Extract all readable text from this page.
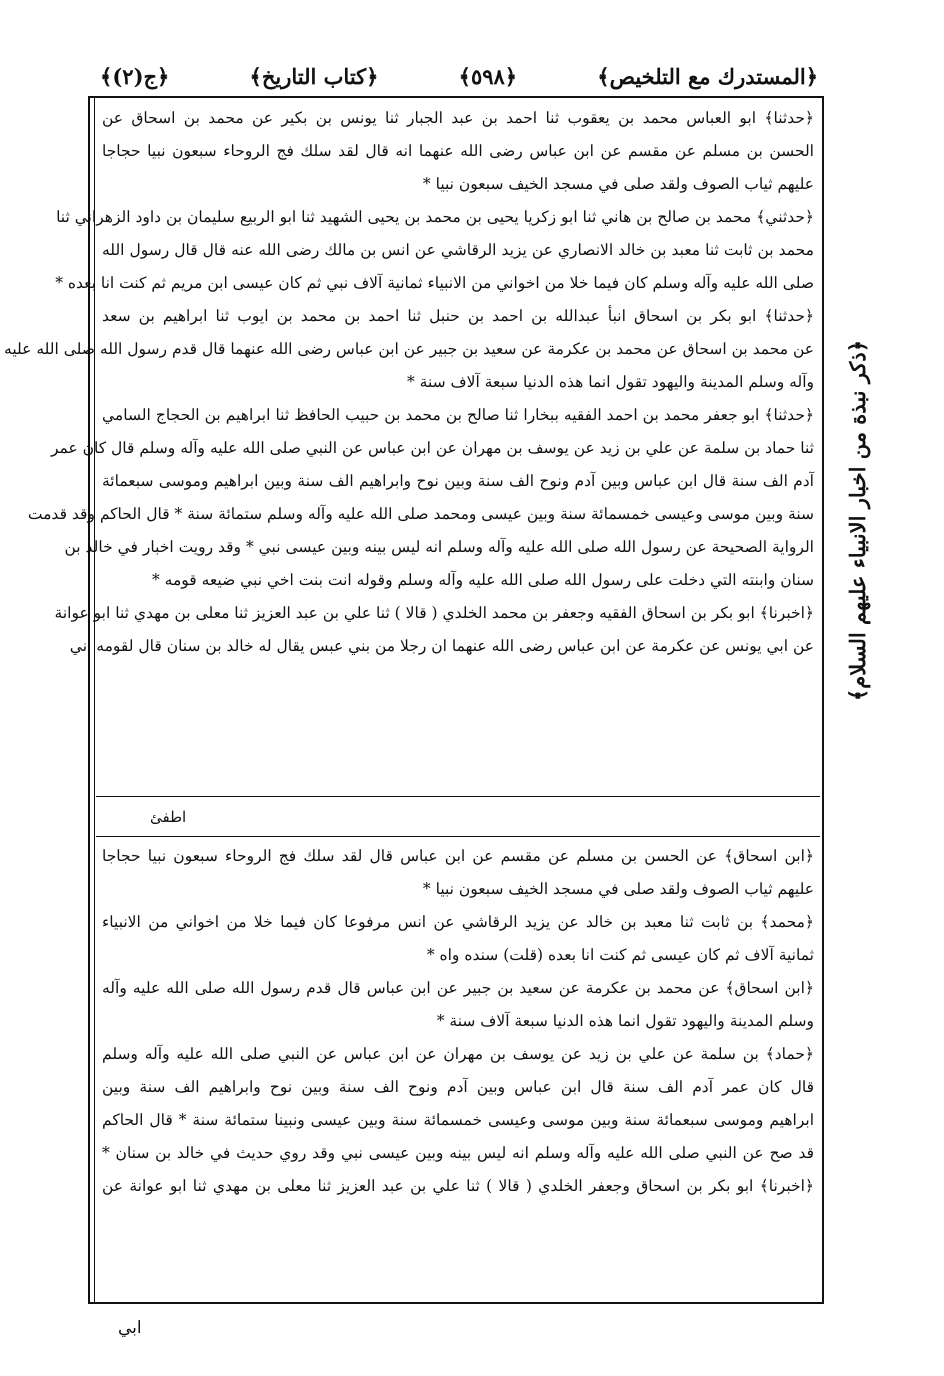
﴿المستدرك مع التلخيص﴾
﴿٥٩٨﴾
﴿كتاب التاريخ﴾
﴿ج(٢)﴾
﴿حدثنا﴾ ابو العباس محمد بن يعقوب ثنا احمد بن عبد الجبار ثنا يونس بن بكير عن محمد بن اسحاق عن
الحسن بن مسلم عن مقسم عن ابن عباس رضى الله عنهما انه قال لقد سلك فج الروحاء سبعون نبيا حجاجا
عليهم ثياب الصوف ولقد صلى في مسجد الخيف سبعون نبيا *
﴿حدثني﴾ محمد بن صالح بن هاني ثنا ابو زكريا يحيى بن محمد بن يحيى الشهيد ثنا ابو الربيع سليمان بن داود الزهراني ثنا
محمد بن ثابت ثنا معبد بن خالد الانصاري عن يزيد الرقاشي عن انس بن مالك رضى الله عنه قال قال رسول الله
صلى الله عليه وآله وسلم كان فيما خلا من اخواني من الانبياء ثمانية آلاف نبي ثم كان عيسى ابن مريم ثم كنت انا بعده *
﴿حدثنا﴾ ابو بكر بن اسحاق انبأ عبدالله بن احمد بن حنبل ثنا احمد بن محمد بن ايوب ثنا ابراهيم بن سعد
عن محمد بن اسحاق عن محمد بن عكرمة عن سعيد بن جبير عن ابن عباس رضى الله عنهما قال قدم رسول الله صلى الله عليه
وآله وسلم المدينة واليهود تقول انما هذه الدنيا سبعة آلاف سنة *
﴿حدثنا﴾ ابو جعفر محمد بن احمد الفقيه ببخارا ثنا صالح بن محمد بن حبيب الحافظ ثنا ابراهيم بن الحجاج السامي
ثنا حماد بن سلمة عن علي بن زيد عن يوسف بن مهران عن ابن عباس عن النبي صلى الله عليه وآله وسلم قال كان عمر
آدم الف سنة قال ابن عباس وبين آدم ونوح الف سنة وبين نوح وابراهيم الف سنة وبين ابراهيم وموسى سبعمائة
سنة وبين موسى وعيسى خمسمائة سنة وبين عيسى ومحمد صلى الله عليه وآله وسلم ستمائة سنة * قال الحاكم وقد قدمت
الرواية الصحيحة عن رسول الله صلى الله عليه وآله وسلم انه ليس بينه وبين عيسى نبي * وقد رويت اخبار في خالد بن
سنان وابنته التي دخلت على رسول الله صلى الله عليه وآله وسلم وقوله انت بنت اخي نبي ضيعه قومه *
﴿اخبرنا﴾ ابو بكر بن اسحاق الفقيه وجعفر بن محمد الخلدي ( قالا ) ثنا علي بن عبد العزيز ثنا معلى بن مهدي ثنا ابو عوانة
عن ابي يونس عن عكرمة عن ابن عباس رضى الله عنهما ان رجلا من بني عبس يقال له خالد بن سنان قال لقومه اني
اطفئ
﴿ابن اسحاق﴾ عن الحسن بن مسلم عن مقسم عن ابن عباس قال لقد سلك فج الروحاء سبعون نبيا حجاجا
عليهم ثياب الصوف ولقد صلى في مسجد الخيف سبعون نبيا *
﴿محمد﴾ بن ثابت ثنا معبد بن خالد عن يزيد الرقاشي عن انس مرفوعا كان فيما خلا من اخواني من الانبياء
ثمانية آلاف ثم كان عيسى ثم كنت انا بعده (قلت) سنده واه *
﴿ابن اسحاق﴾ عن محمد بن عكرمة عن سعيد بن جبير عن ابن عباس قال قدم رسول الله صلى الله عليه وآله
وسلم المدينة واليهود تقول انما هذه الدنيا سبعة آلاف سنة *
﴿حماد﴾ بن سلمة عن علي بن زيد عن يوسف بن مهران عن ابن عباس عن النبي صلى الله عليه وآله وسلم
قال كان عمر آدم الف سنة قال ابن عباس وبين آدم ونوح الف سنة وبين نوح وابراهيم الف سنة وبين
ابراهيم وموسى سبعمائة سنة وبين موسى وعيسى خمسمائة سنة وبين عيسى ونبينا ستمائة سنة * قال الحاكم
قد صح عن النبي صلى الله عليه وآله وسلم انه ليس بينه وبين عيسى نبي وقد روي حديث في خالد بن سنان *
﴿اخبرنا﴾ ابو بكر بن اسحاق وجعفر الخلدي ( قالا ) ثنا علي بن عبد العزيز ثنا معلى بن مهدي ثنا ابو عوانة عن
﴿ذكر نبذة من اخبار الانبياء عليهم السلام﴾
ابي
